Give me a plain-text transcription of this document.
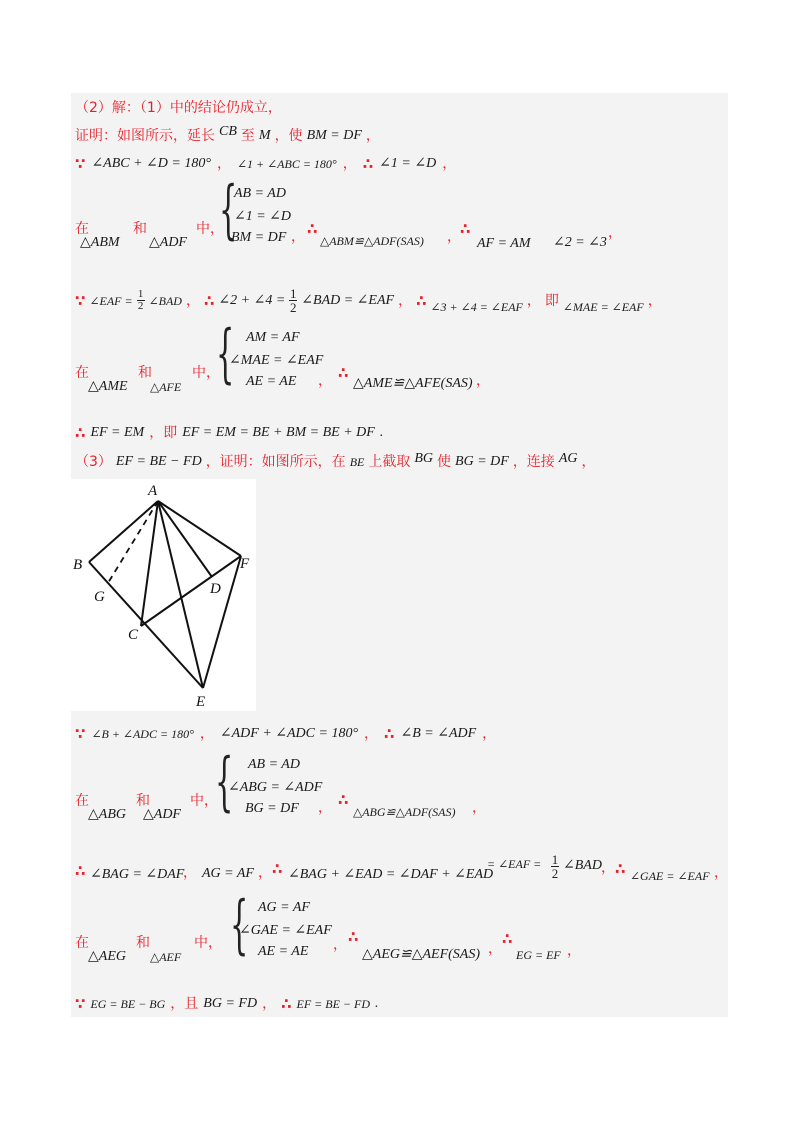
（2）解：（1）中的结论仍成立，
证明：如图所示，延长 CB 至 M ，使 BM = DF ，
∵ ∠ABC + ∠D = 180° ， ∠1 + ∠ABC = 180° ， ∴ ∠1 = ∠D ，
在
△ABM
和
△ADF
中，
{
AB = AD
∠1 = ∠D
BM = DF ， ∴
△ABM≌△ADF(SAS) ， ∴
AF = AM ∠2 = ∠3
，
∵ ∠EAF = $\frac{1}{2}$ ∠BAD ， ∴ ∠2 + ∠4 = $\frac{1}{2}$ ∠BAD = ∠EAF ， ∴ ∠3 + ∠4 = ∠EAF ， 即 ∠MAE = ∠EAF ，
在
△AME
和
△AFE
中，
{ AM = AF
∠MAE = ∠EAF
AE = AE ， ∴
△AME≌△AFE(SAS) ，
∴ EF = EM ，即 EF = EM = BE + BM = BE + DF .
（3） EF = BE − FD ，证明：如图所示，在 BE 上截取 BG 使 BG = DF ，连接 AG ，
A
B
G	D
F
C
E
∵ ∠B + ∠ADC = 180° ， ∠ADF + ∠ADC = 180° ， ∴ ∠B = ∠ADF ，
在
△ABG
和
△ADF
中，
{ AB = AD
∠ABG = ∠ADF
BG = DF ， ∴
△ABG≌△ADF(SAS) ，
∴ ∠BAG = ∠DAF
， AG = AF ， ∴ ∠BAG + ∠EAD = ∠DAF + ∠EAD
= ∠EAF = 1
2
∠BAD ， ∴ ∠GAE = ∠EAF ，
在
△AEG
和
△AEF
中， { AG = AF
∠GAE = ∠EAF
AE = AE ， ∴
△AEG≌△AEF(SAS) ，
∴
EG = EF ，
∵ EG = BE − BG ，且 BG = FD ， ∴ EF = BE − FD .
